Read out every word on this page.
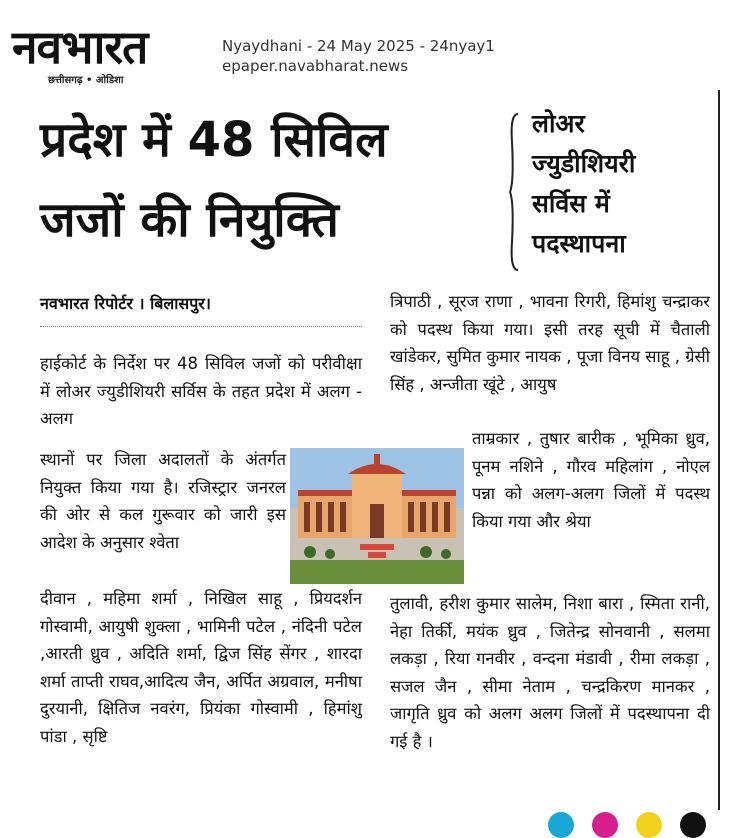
नवभारत
छत्तीसगढ़ • ओडिशा
Nyaydhani - 24 May 2025 - 24nyay1
epaper.navabharat.news
प्रदेश में 48 सिविल
जजों की नियुक्ति
लोअर
ज्युडीशियरी
सर्विस में
पदस्थापना
नवभारत रिपोर्टर । बिलासपुर।
हाईकोर्ट के निर्देश पर 48 सिविल जजों को परीवीक्षा में लोअर ज्युडीशियरी सर्विस के तहत प्रदेश में अलग - अलग
स्थानों पर जिला अदालतों के अंतर्गत नियुक्त किया गया है। रजिस्ट्रार जनरल की ओर से कल गुरूवार को जारी इस आदेश के अनुसार श्वेता
दीवान , महिमा शर्मा , निखिल साहू , प्रियदर्शन गोस्वामी, आयुषी शुक्ला , भामिनी पटेल , नंदिनी पटेल ,आरती ध्रुव , अदिति शर्मा, द्विज सिंह सेंगर , शारदा शर्मा ताप्ती राघव,आदित्य जैन, अर्पित अग्रवाल, मनीषा दुरयानी, क्षितिज नवरंग, प्रियंका गोस्वामी , हिमांशु पांडा , सृष्टि
त्रिपाठी , सूरज राणा , भावना रिगरी, हिमांशु चन्द्राकर को पदस्थ किया गया। इसी तरह सूची में चैताली खांडेकर, सुमित कुमार नायक , पूजा विनय साहू , ग्रेसी सिंह , अन्जीता खूंटे , आयुष
ताम्रकार , तुषार बारीक , भूमिका ध्रुव, पूनम नशिने , गौरव महिलांग , नोएल पन्ना को अलग-अलग जिलों में पदस्थ किया गया और श्रेया
तुलावी, हरीश कुमार सालेम, निशा बारा , स्मिता रानी, नेहा तिर्की, मयंक ध्रुव , जितेन्द्र सोनवानी , सलमा लकड़ा , रिया गनवीर , वन्दना मंडावी , रीमा लकड़ा , सजल जैन , सीमा नेताम , चन्द्रकिरण मानकर , जागृति ध्रुव को अलग अलग जिलों में पदस्थापना दी गई है ।
